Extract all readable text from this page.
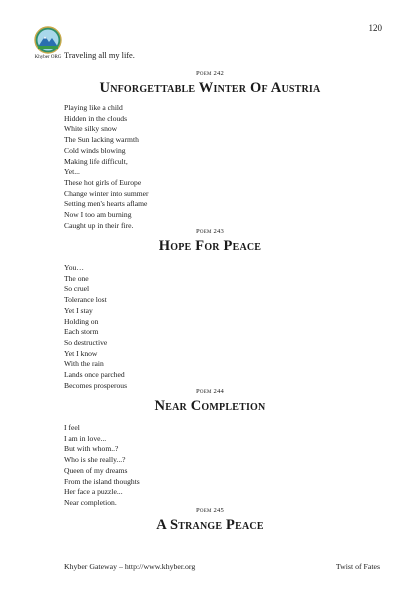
120
Khyber ORG Traveling all my life.
Poem 242
Unforgettable Winter Of Austria
Playing like a child
Hidden in the clouds
White silky snow
The Sun lacking warmth
Cold winds blowing
Making life difficult,
Yet...
These hot girls of Europe
Change winter into summer
Setting men's hearts aflame
Now I too am burning
Caught up in their fire.
Poem 243
Hope For Peace
You…
The one
So cruel
Tolerance lost
Yet I stay
Holding on
Each storm
So destructive
Yet I know
With the rain
Lands once parched
Becomes prosperous
Poem 244
Near Completion
I feel
I am in love...
But with whom..?
Who is she really...?
Queen of my dreams
From the island thoughts
Her face a puzzle...
Near completion.
Poem 245
A Strange Peace
Khyber Gateway – http://www.khyber.org	Twist of Fates
